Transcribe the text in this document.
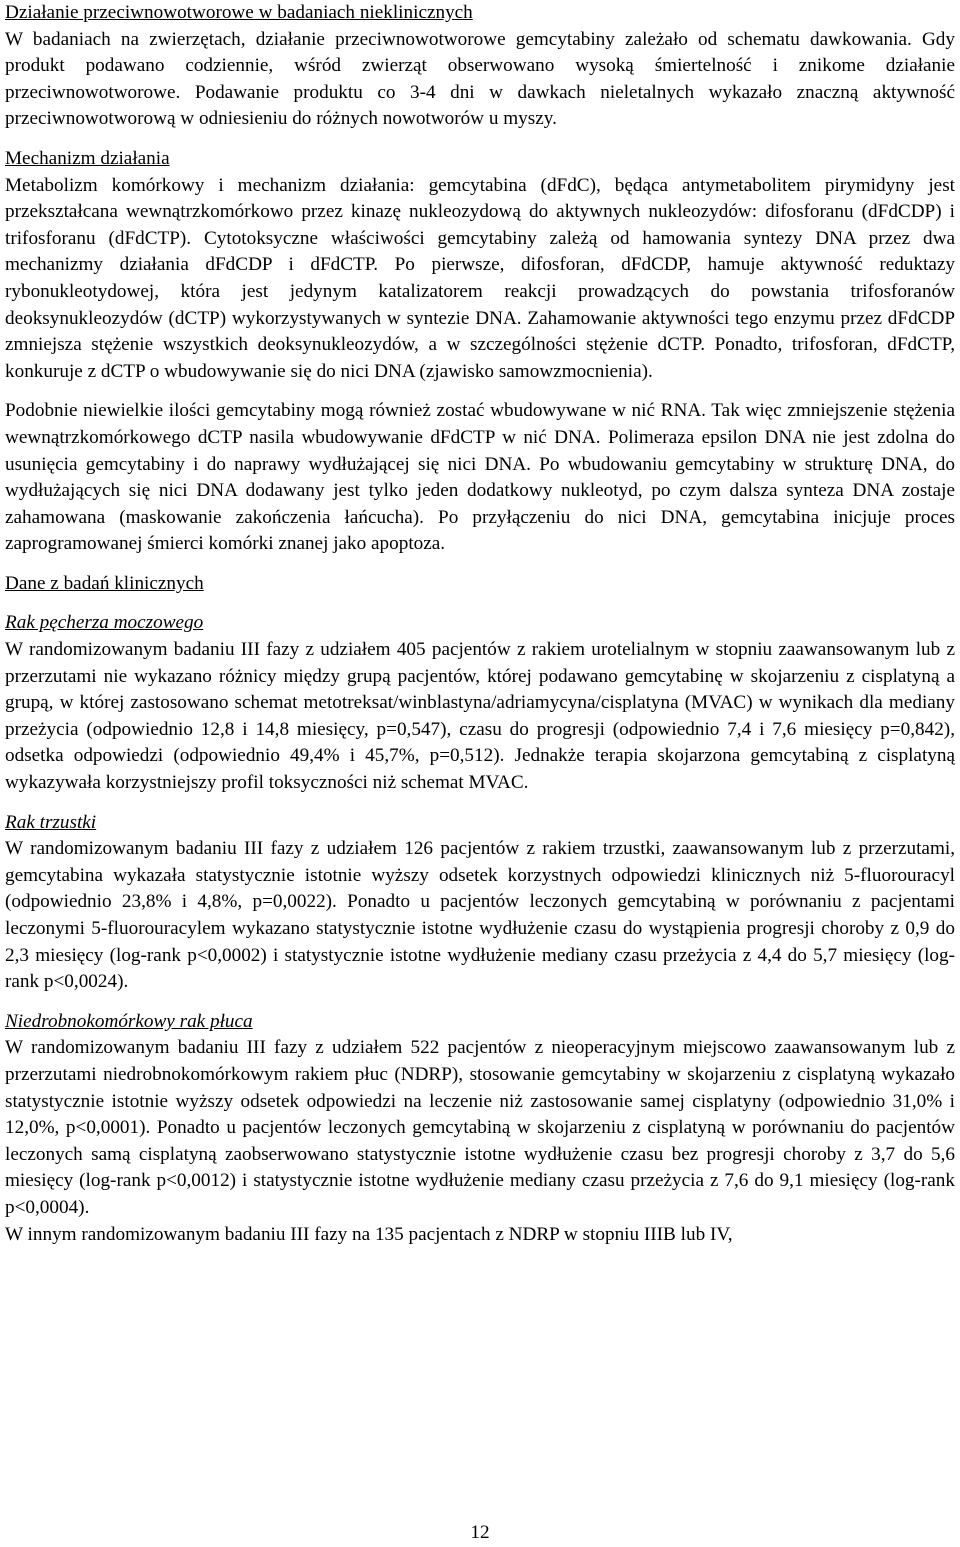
Działanie przeciwnowotworowe w badaniach nieklinicznych
W badaniach na zwierzętach, działanie przeciwnowotworowe gemcytabiny zależało od schematu dawkowania. Gdy produkt podawano codziennie, wśród zwierząt obserwowano wysoką śmiertelność i znikome działanie przeciwnowotworowe. Podawanie produktu co 3-4 dni w dawkach nieletalnych wykazało znaczną aktywność przeciwnowotworową w odniesieniu do różnych nowotworów u myszy.
Mechanizm działania
Metabolizm komórkowy i mechanizm działania: gemcytabina (dFdC), będąca antymetabolitem pirymidyny jest przekształcana wewnątrzkomórkowo przez kinazę nukleozydową do aktywnych nukleozydów: difosforanu (dFdCDP) i trifosforanu (dFdCTP). Cytotoksyczne właściwości gemcytabiny zależą od hamowania syntezy DNA przez dwa mechanizmy działania dFdCDP i dFdCTP. Po pierwsze, difosforan, dFdCDP, hamuje aktywność reduktazy rybonukleotydowej, która jest jedynym katalizatorem reakcji prowadzących do powstania trifosforanów deoksynukleozydów (dCTP) wykorzystywanych w syntezie DNA. Zahamowanie aktywności tego enzymu przez dFdCDP zmniejsza stężenie wszystkich deoksynukleozydów, a w szczególności stężenie dCTP. Ponadto, trifosforan, dFdCTP, konkuruje z dCTP o wbudowywanie się do nici DNA (zjawisko samowzmocnienia).
Podobnie niewielkie ilości gemcytabiny mogą również zostać wbudowywane w nić RNA. Tak więc zmniejszenie stężenia wewnątrzkomórkowego dCTP nasila wbudowywanie dFdCTP w nić DNA. Polimeraza epsilon DNA nie jest zdolna do usunięcia gemcytabiny i do naprawy wydłużającej się nici DNA. Po wbudowaniu gemcytabiny w strukturę DNA, do wydłużających się nici DNA dodawany jest tylko jeden dodatkowy nukleotyd, po czym dalsza synteza DNA zostaje zahamowana (maskowanie zakończenia łańcucha). Po przyłączeniu do nici DNA, gemcytabina inicjuje proces zaprogramowanej śmierci komórki znanej jako apoptoza.
Dane z badań klinicznych
Rak pęcherza moczowego
W randomizowanym badaniu III fazy z udziałem 405 pacjentów z rakiem urotelialnym w stopniu zaawansowanym lub z przerzutami nie wykazano różnicy między grupą pacjentów, której podawano gemcytabinę w skojarzeniu z cisplatyną a grupą, w której zastosowano schemat metotreksat/winblastyna/adriamycyna/cisplatyna (MVAC) w wynikach dla mediany przeżycia (odpowiednio 12,8 i 14,8 miesięcy, p=0,547), czasu do progresji (odpowiednio 7,4 i 7,6 miesięcy p=0,842), odsetka odpowiedzi (odpowiednio 49,4% i 45,7%, p=0,512). Jednakże terapia skojarzona gemcytabiną z cisplatyną wykazywała korzystniejszy profil toksyczności niż schemat MVAC.
Rak trzustki
W randomizowanym badaniu III fazy z udziałem 126 pacjentów z rakiem trzustki, zaawansowanym lub z przerzutami, gemcytabina wykazała statystycznie istotnie wyższy odsetek korzystnych odpowiedzi klinicznych niż 5-fluorouracyl (odpowiednio 23,8% i 4,8%, p=0,0022). Ponadto u pacjentów leczonych gemcytabiną w porównaniu z pacjentami leczonymi 5-fluorouracylem wykazano statystycznie istotne wydłużenie czasu do wystąpienia progresji choroby z 0,9 do 2,3 miesięcy (log-rank p<0,0002) i statystycznie istotne wydłużenie mediany czasu przeżycia z 4,4 do 5,7 miesięcy (log-rank p<0,0024).
Niedrobnokomórkowy rak płuca
W randomizowanym badaniu III fazy z udziałem 522 pacjentów z nieoperacyjnym miejscowo zaawansowanym lub z przerzutami niedrobnokomórkowym rakiem płuc (NDRP), stosowanie gemcytabiny w skojarzeniu z cisplatyną wykazało statystycznie istotnie wyższy odsetek odpowiedzi na leczenie niż zastosowanie samej cisplatyny (odpowiednio 31,0% i 12,0%, p<0,0001). Ponadto u pacjentów leczonych gemcytabiną w skojarzeniu z cisplatyną w porównaniu do pacjentów leczonych samą cisplatyną zaobserwowano statystycznie istotne wydłużenie czasu bez progresji choroby z 3,7 do 5,6 miesięcy (log-rank p<0,0012) i statystycznie istotne wydłużenie mediany czasu przeżycia z 7,6 do 9,1 miesięcy (log-rank p<0,0004).
W innym randomizowanym badaniu III fazy na 135 pacjentach z NDRP w stopniu IIIB lub IV,
12
